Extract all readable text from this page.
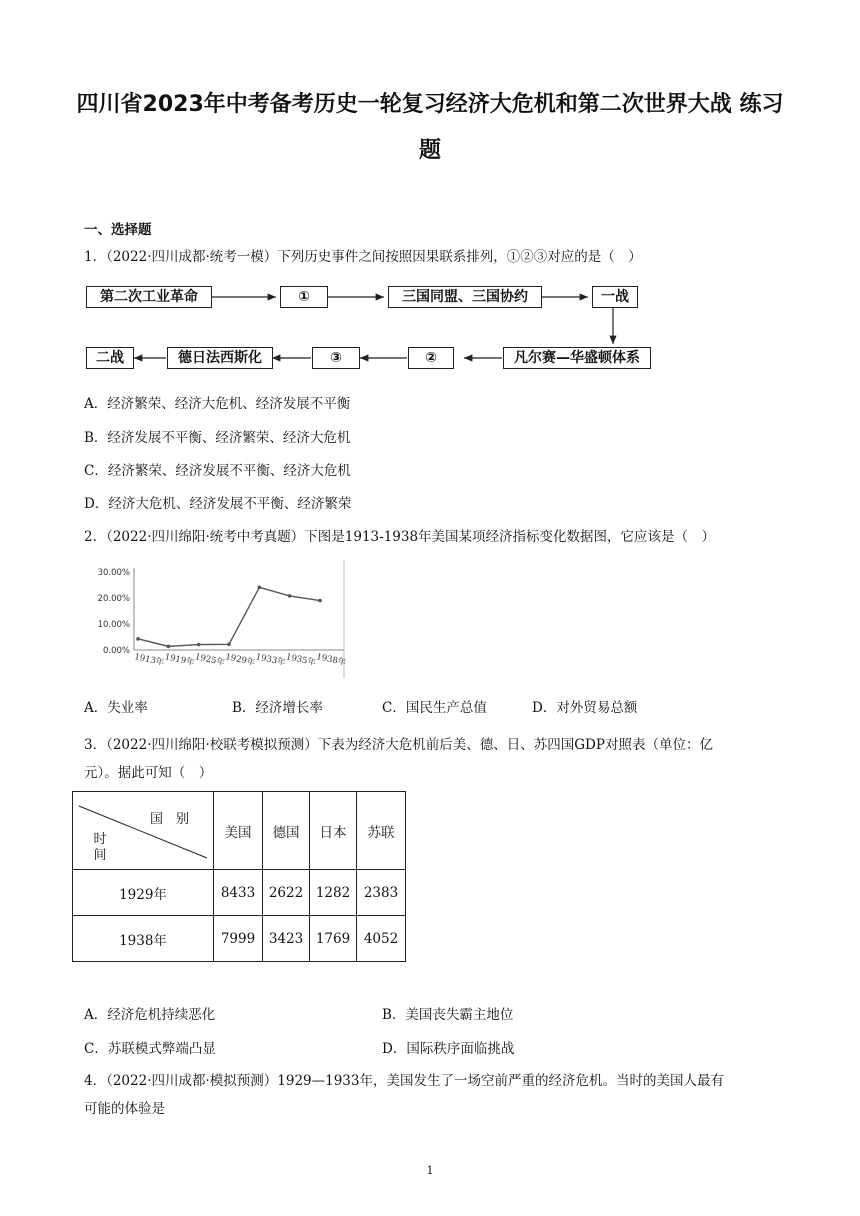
四川省2023年中考备考历史一轮复习经济大危机和第二次世界大战 练习
题
一、选择题
1．（2022·四川成都·统考一模）下列历史事件之间按照因果联系排列，①②③对应的是（　）
第二次工业革命	①	三国同盟、三国协约	一战
凡尔赛—华盛顿体系
②
③
德日法西斯化
二战
A．经济繁荣、经济大危机、经济发展不平衡
B．经济发展不平衡、经济繁荣、经济大危机
C．经济繁荣、经济发展不平衡、经济大危机
D．经济大危机、经济发展不平衡、经济繁荣
2．（2022·四川绵阳·统考中考真题）下图是1913-1938年美国某项经济指标变化数据图，它应该是（　）
30.00%
20.00%
10.00%
0.00%
1913年
1919年
1925年
1929年
1933年
1935年
1938年
A．失业率	B．经济增长率	C．国民生产总值	D．对外贸易总额
3．（2022·四川绵阳·校联考模拟预测）下表为经济大危机前后美、德、日、苏四国GDP对照表（单位：亿
元）。据此可知（　）
国　别
时　间	美国	德国	日本	苏联
1929年	8433	2622	1282	2383
1938年	7999	3423	1769	4052
A．经济危机持续恶化	B．美国丧失霸主地位
C．苏联模式弊端凸显	D．国际秩序面临挑战
4．（2022·四川成都·模拟预测）1929—1933年，美国发生了一场空前严重的经济危机。当时的美国人最有
可能的体验是
1
